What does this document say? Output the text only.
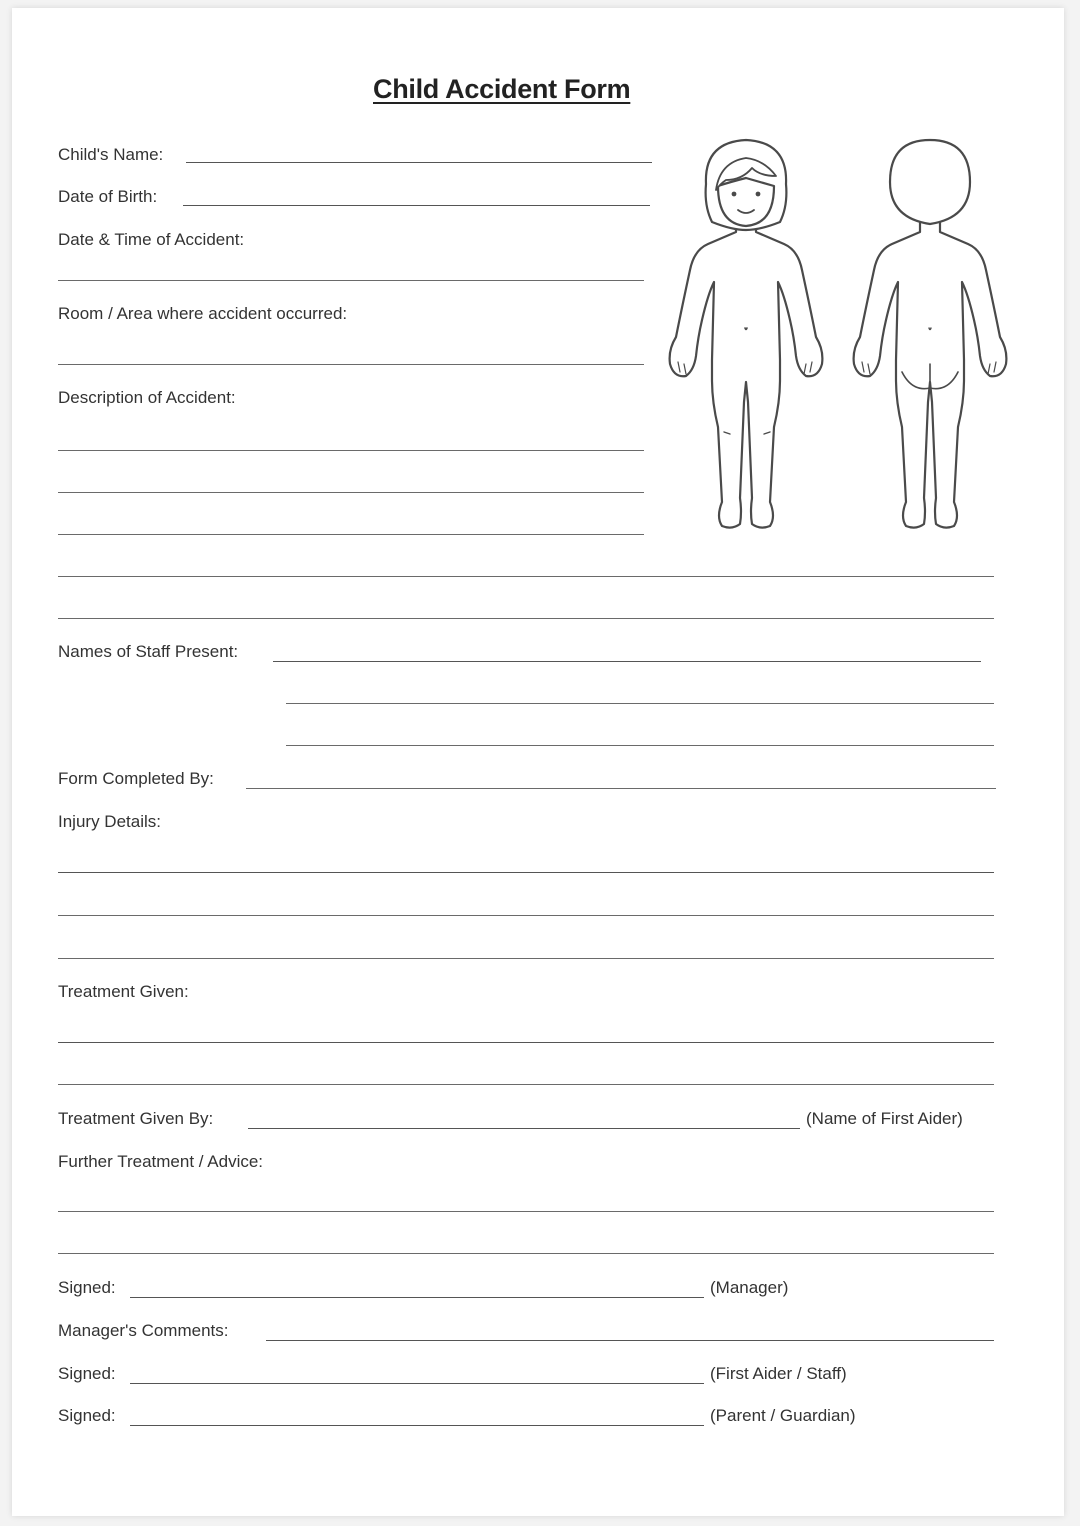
Child Accident Form
Child's Name:
Date of Birth:
Date & Time of Accident:
Room / Area where accident occurred:
Description of Accident:
Names of Staff Present:
Form Completed By:
Injury Details:
Treatment Given:
Treatment Given By:	(Name of First Aider)
Further Treatment / Advice:
Signed:	(Manager)
Manager's Comments:
Signed:	(First Aider / Staff)
Signed:	(Parent / Guardian)
